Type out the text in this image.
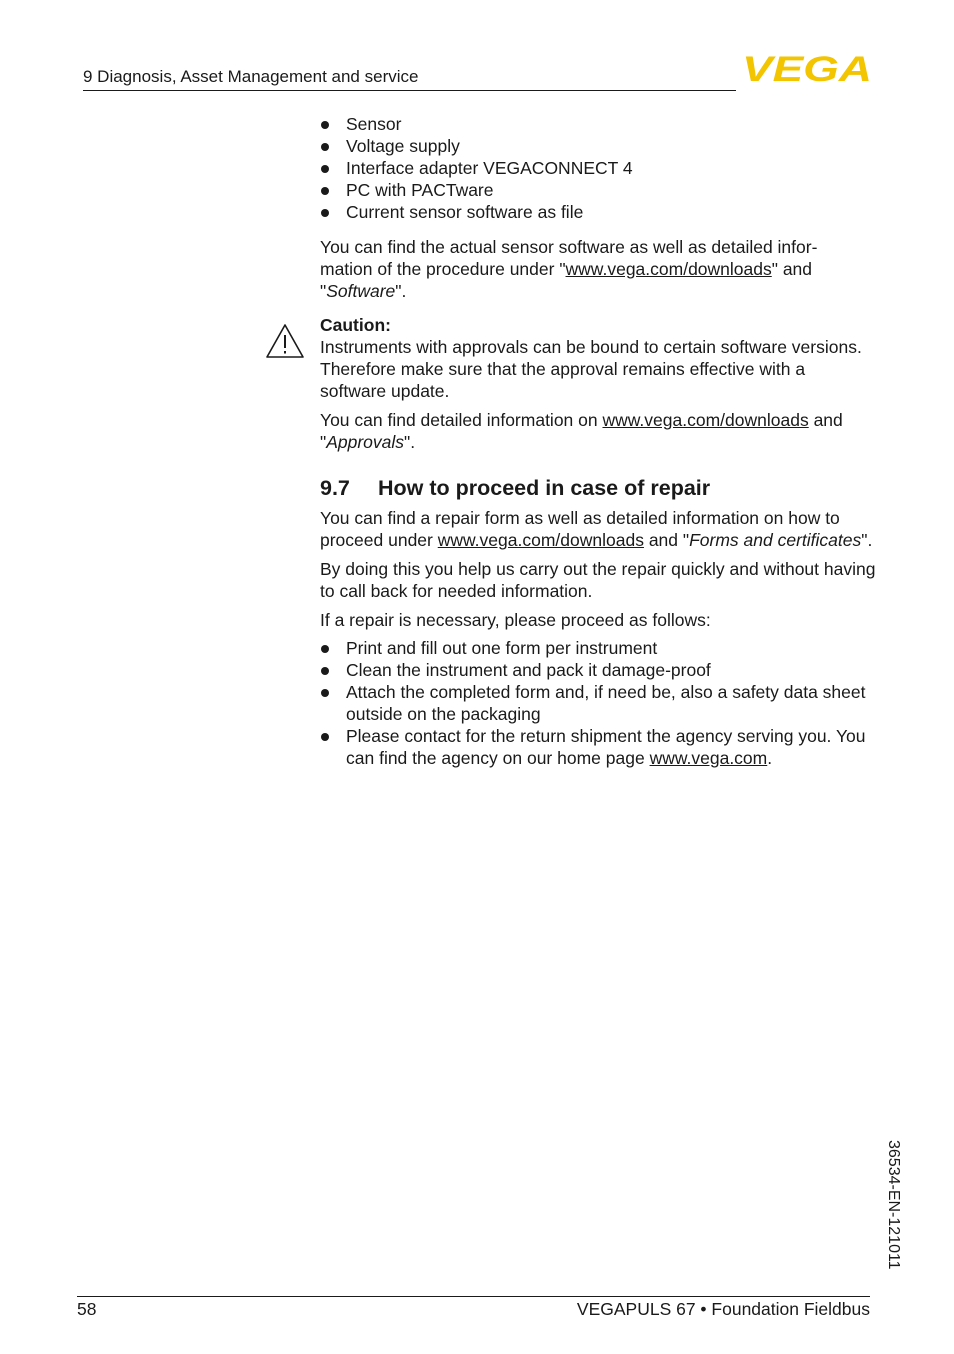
9 Diagnosis, Asset Management and service	VEGA
Sensor
Voltage supply
Interface adapter VEGACONNECT 4
PC with PACTware
Current sensor software as file

You can find the actual sensor software as well as detailed infor-
mation of the procedure under "www.vega.com/downloads" and
"Software".

Caution:

Instruments with approvals can be bound to certain software versions. Therefore make sure that the approval remains effective with a software update.

You can find detailed information on www.vega.com/downloads and
"Approvals".

9.7 How to proceed in case of repair

You can find a repair form as well as detailed information on how to proceed under www.vega.com/downloads and "Forms and certificates".

By doing this you help us carry out the repair quickly and without having to call back for needed information.

If a repair is necessary, please proceed as follows:

Print and fill out one form per instrument
Clean the instrument and pack it damage-proof
Attach the completed form and, if need be, also a safety data sheet outside on the packaging
Please contact for the return shipment the agency serving you. You can find the agency on our home page www.vega.com.
36534-EN-121011
58	VEGAPULS 67 • Foundation Fieldbus
